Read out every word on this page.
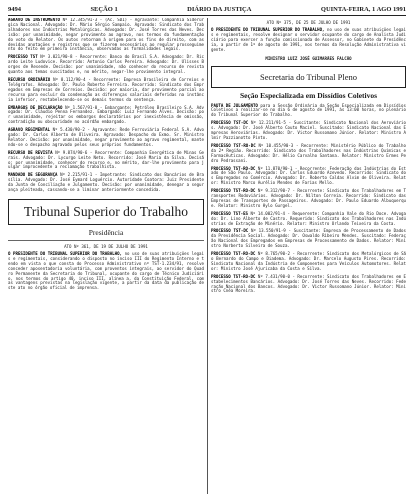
9494	SEÇÃO 1	DIÁRIO DA JUSTIÇA	QUINTA-FEIRA, 1 AGO 1991

AGRAVO DE INSTRUMENTO Nº 12.345/91-3 - (Ac. SDI) - Agravante: Companhia Siderúrgica Nacional. Advogado: Dr. Mário Sérgio Sampaio. Agravado: Sindicato dos Trabalhadores nas Indústrias Metalúrgicas. Advogado: Dr. José Torres das Neves. Decisão: por unanimidade, negar provimento ao agravo, nos termos da fundamentação do voto do Relator. Os autos retornam à origem para os fins de direito, com as devidas anotações e registros que se fizerem necessários ao regular prosseguimento do feito em primeira instância, observadas as formalidades legais.

PROCESSO TST Nº 3.021/90-8 - Recorrente: Banco do Brasil S.A. Advogado: Dr. Ricardo Leite Ludovice. Recorrido: Antonio Carlos Pereira. Advogado: Dr. Ulisses Borges de Resende. Decisão: por unanimidade, não conhecer do recurso de revista quanto aos temas suscitados e, no mérito, negar-lhe provimento integral.

RECURSO ORDINÁRIO Nº 8.112/90-4 - Recorrente: Empresa Brasileira de Correios e Telégrafos. Advogado: Dr. Paulo Roberto Ferreira. Recorrido: Sindicato dos Empregados em Empresas de Correios. Decisão: por maioria, dar provimento parcial ao recurso para excluir da condenação as diferenças salariais deferidas na instância inferior, restabelecendo-se os demais termos da sentença.

EMBARGOS DE DECLARAÇÃO Nº 1.567/91-0 - Embargante: Petróleo Brasileiro S.A. Advogado: Dr. Cláudio Penna Fernandez. Embargado: Luiz Fernando Alves. Decisão: por unanimidade, rejeitar os embargos declaratórios por inexistência de omissão, contradição ou obscuridade no acórdão embargado.

AGRAVO REGIMENTAL Nº 5.430/90-2 - Agravante: Rede Ferroviária Federal S.A. Advogado: Dr. Carlos Alberto de Oliveira. Agravado: Despacho do Exmo. Sr. Ministro Relator. Decisão: por unanimidade, negar provimento ao agravo regimental, mantendo-se o despacho agravado pelos seus próprios fundamentos.

RECURSO DE REVISTA Nº 9.874/90-6 - Recorrente: Companhia Energética de Minas Gerais. Advogado: Dr. Lycurgo Leite Neto. Recorrido: José Maria da Silva. Decisão: por unanimidade, conhecer do recurso e, no mérito, dar-lhe provimento para julgar improcedente a reclamação trabalhista.

MANDADO DE SEGURANÇA Nº 2.215/91-1 - Impetrante: Sindicato dos Bancários de Brasília. Advogado: Dr. José Eymard Loguércio. Autoridade Coatora: Juiz Presidente da Junta de Conciliação e Julgamento. Decisão: por unanimidade, denegar a segurança pleiteada, cassando-se a liminar anteriormente concedida.

Tribunal Superior do Trabalho
Presidência
ATO Nº 361, DE 19 DE JULHO DE 1991

O PRESIDENTE DO TRIBUNAL SUPERIOR DO TRABALHO, no uso de suas atribuições legais e regimentais, considerando o disposto no inciso III do Regimento Interno e tendo em vista o que consta do Processo Administrativo nº TST-1.234/91, resolve conceder aposentadoria voluntária, com proventos integrais, ao servidor do Quadro Permanente da Secretaria do Tribunal, ocupante do cargo de Técnico Judiciário, nos termos do artigo 40, inciso III, alínea a, da Constituição Federal, com as vantagens previstas na legislação vigente, a partir da data da publicação deste ato no órgão oficial de imprensa.

ATO Nº 375, DE 25 DE JULHO DE 1991

O PRESIDENTE DO TRIBUNAL SUPERIOR DO TRABALHO, no uso de suas atribuições legais e regimentais, resolve designar o servidor ocupante do cargo de Analista Judiciário para exercer a função comissionada de Assessor, no Gabinete da Presidência, a partir de 1º de agosto de 1991, nos termos da Resolução Administrativa vigente.

MINISTRO LUIZ JOSÉ GUIMARÃES FALCÃO
Secretaria do Tribunal Pleno
Seção Especializada em Dissídios Coletivos

PAUTA DE JULGAMENTO para a Sessão Ordinária da Seção Especializada em Dissídios Coletivos a realizar-se no dia 6 de agosto de 1991, às 13:00 horas, no plenário do Tribunal Superior do Trabalho.

PROCESSO TST-DC Nº 12.211/91-5 - Suscitante: Sindicato Nacional dos Aeroviários. Advogado: Dr. José Alberto Couto Maciel. Suscitado: Sindicato Nacional das Empresas Aeroviárias. Advogado: Dr. Victor Russomano Júnior. Relator: Ministro Almir Pazzianotto Pinto.

PROCESSO TST-RO-DC Nº 10.455/90-3 - Recorrente: Ministério Público do Trabalho da 2ª Região. Recorrido: Sindicato dos Trabalhadores nas Indústrias Químicas e Farmacêuticas. Advogado: Dr. Hélio Carvalho Santana. Relator: Ministro Ermes Pedro Pedrassani.

PROCESSO TST-RO-DC Nº 11.870/90-1 - Recorrente: Federação das Indústrias do Estado de São Paulo. Advogado: Dr. Carlos Eduardo Azevedo. Recorrido: Sindicato dos Empregados no Comércio. Advogado: Dr. Roberto Caldas Alvim de Oliveira. Relator: Ministro Marco Aurélio Mendes de Farias Mello.

PROCESSO TST-RO-DC Nº 9.312/90-7 - Recorrente: Sindicato dos Trabalhadores em Transportes Rodoviários. Advogado: Dr. Nilton Correia. Recorrido: Sindicato das Empresas de Transportes de Passageiros. Advogado: Dr. Paulo Eduardo Albuquerque. Relator: Ministro Hylo Gurgel.

PROCESSO TST-ES Nº 14.002/91-4 - Requerente: Companhia Vale do Rio Doce. Advogado: Dr. Lino Alberto de Castro. Requerido: Sindicato dos Trabalhadores nas Indústrias de Extração de Minério. Relator: Ministro Orlando Teixeira da Costa.

PROCESSO TST-DC Nº 13.550/91-9 - Suscitante: Empresa de Processamento de Dados da Previdência Social. Advogado: Dr. Oswaldo Ribeiro Mendes. Suscitado: Federação Nacional dos Empregados em Empresas de Processamento de Dados. Relator: Ministro Norberto Silveira de Souza.

PROCESSO TST-RO-DC Nº 8.765/90-2 - Recorrente: Sindicato dos Metalúrgicos de São Bernardo do Campo e Diadema. Advogado: Dr. Marcelo Augusto Pires. Recorrido: Sindicato Nacional da Indústria de Componentes para Veículos Automotores. Relator: Ministro José Ajuricaba da Costa e Silva.

PROCESSO TST-RO-DC Nº 7.431/90-0 - Recorrente: Sindicato dos Trabalhadores em Estabelecimentos Bancários. Advogado: Dr. José Torres das Neves. Recorrido: Federação Nacional dos Bancos. Advogado: Dr. Victor Russomano Júnior. Relator: Ministro Cnéa Moreira.
